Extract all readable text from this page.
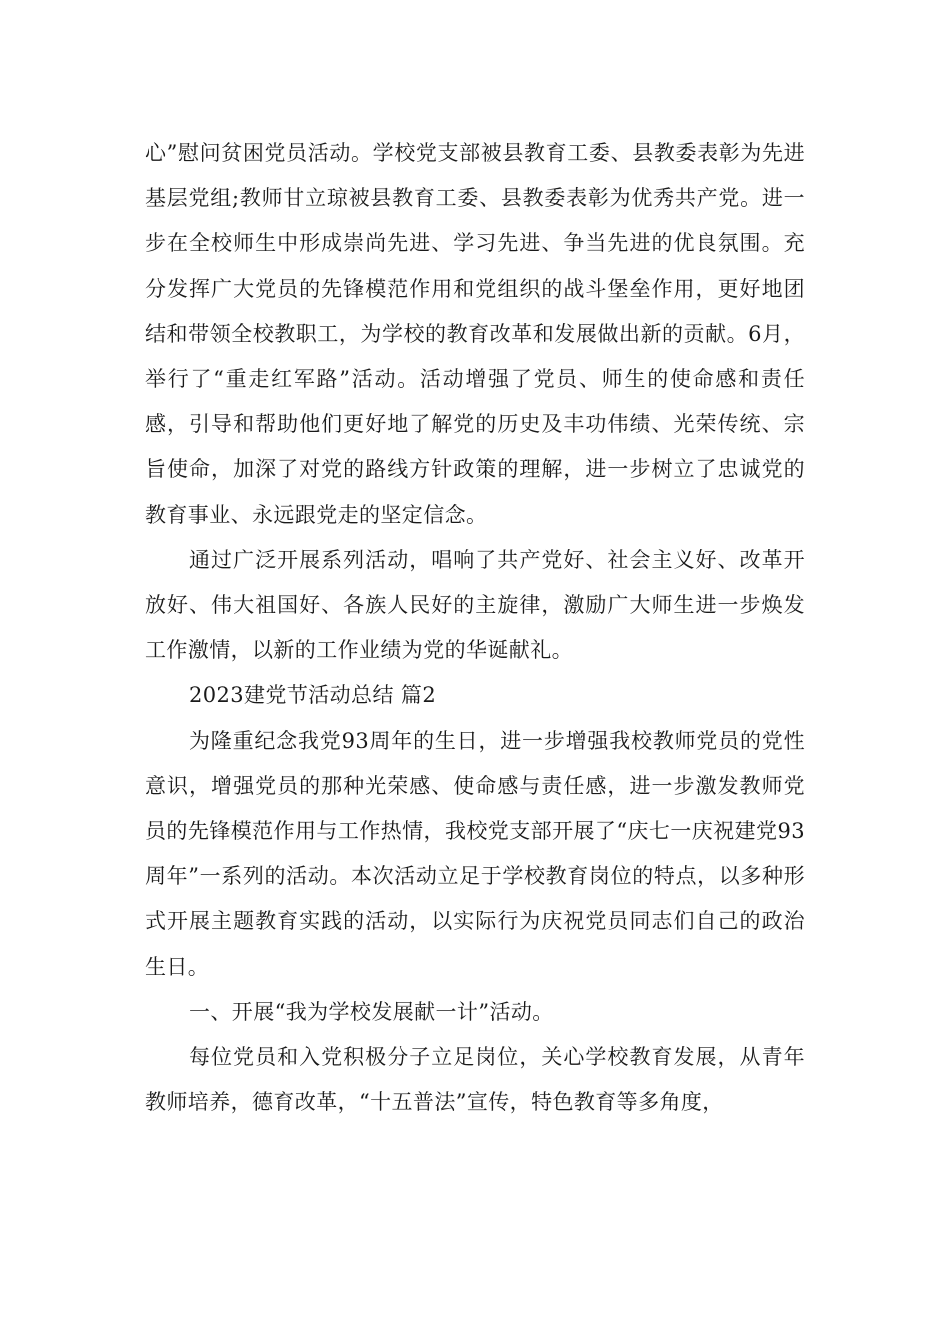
心”慰问贫困党员活动。学校党支部被县教育工委、县教委表彰为先进基层党组;教师甘立琼被县教育工委、县教委表彰为优秀共产党。进一步在全校师生中形成崇尚先进、学习先进、争当先进的优良氛围。充分发挥广大党员的先锋模范作用和党组织的战斗堡垒作用，更好地团结和带领全校教职工，为学校的教育改革和发展做出新的贡献。6月，举行了“重走红军路”活动。活动增强了党员、师生的使命感和责任感，引导和帮助他们更好地了解党的历史及丰功伟绩、光荣传统、宗旨使命，加深了对党的路线方针政策的理解，进一步树立了忠诚党的教育事业、永远跟党走的坚定信念。

通过广泛开展系列活动，唱响了共产党好、社会主义好、改革开放好、伟大祖国好、各族人民好的主旋律，激励广大师生进一步焕发工作激情，以新的工作业绩为党的华诞献礼。

2023建党节活动总结 篇2

为隆重纪念我党93周年的生日，进一步增强我校教师党员的党性意识，增强党员的那种光荣感、使命感与责任感，进一步激发教师党员的先锋模范作用与工作热情，我校党支部开展了“庆七一庆祝建党93周年”一系列的活动。本次活动立足于学校教育岗位的特点，以多种形式开展主题教育实践的活动，以实际行为庆祝党员同志们自己的政治生日。

一、开展“我为学校发展献一计”活动。

每位党员和入党积极分子立足岗位，关心学校教育发展，从青年教师培养，德育改革，“十五普法”宣传，特色教育等多角度，
